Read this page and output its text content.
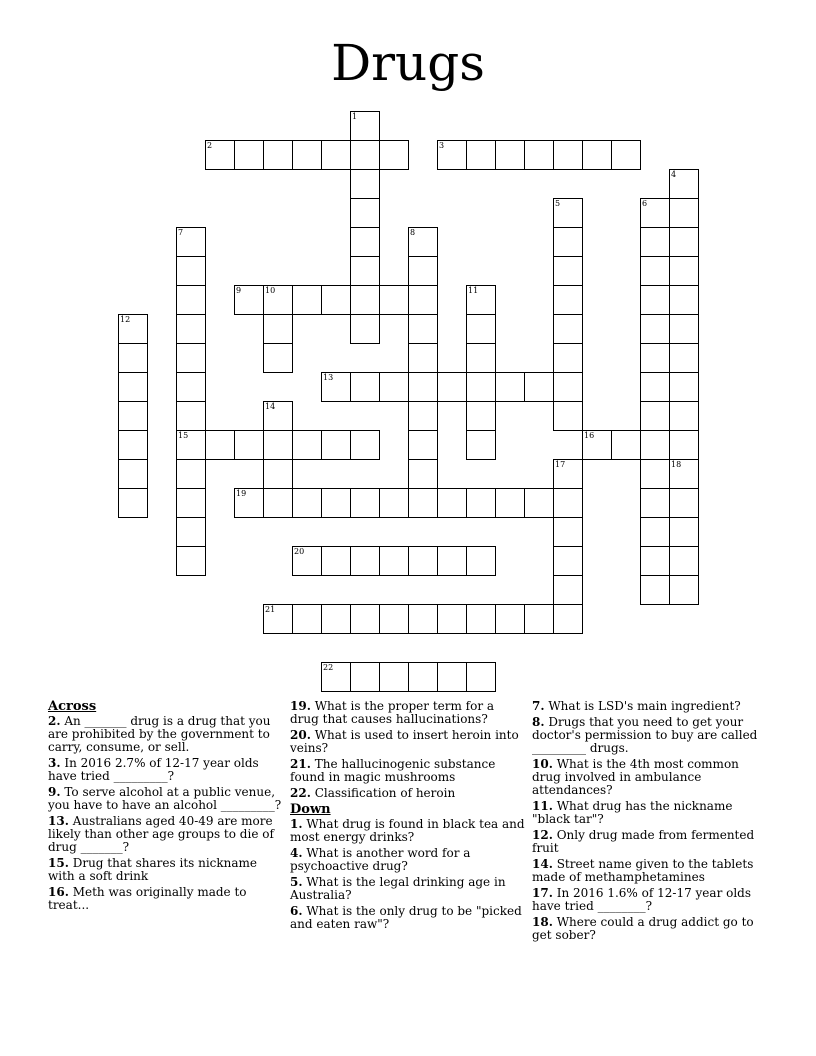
Drugs
1
2	3
4
5	6
7
15
8
9	10	11
12
13
14
16
17	18
19
20
21
22
Across
2. An _______ drug is a drug that you are prohibited by the government to carry, consume, or sell.
3. In 2016 2.7% of 12-17 year olds have tried _________?
9. To serve alcohol at a public venue, you have to have an alcohol _________?
13. Australians aged 40-49 are more likely than other age groups to die of drug _______?
15. Drug that shares its nickname with a soft drink
16. Meth was originally made to treat...
19. What is the proper term for a drug that causes hallucinations?
20. What is used to insert heroin into veins?
21. The hallucinogenic substance found in magic mushrooms
22. Classification of heroin
Down
1. What drug is found in black tea and most energy drinks?
4. What is another word for a psychoactive drug?
5. What is the legal drinking age in Australia?
6. What is the only drug to be "picked and eaten raw"?
7. What is LSD's main ingredient?
8. Drugs that you need to get your doctor's permission to buy are called _________ drugs.
10. What is the 4th most common drug involved in ambulance attendances?
11. What drug has the nickname "black tar"?
12. Only drug made from fermented fruit
14. Street name given to the tablets made of methamphetamines
17. In 2016 1.6% of 12-17 year olds have tried ________?
18. Where could a drug addict go to get sober?
